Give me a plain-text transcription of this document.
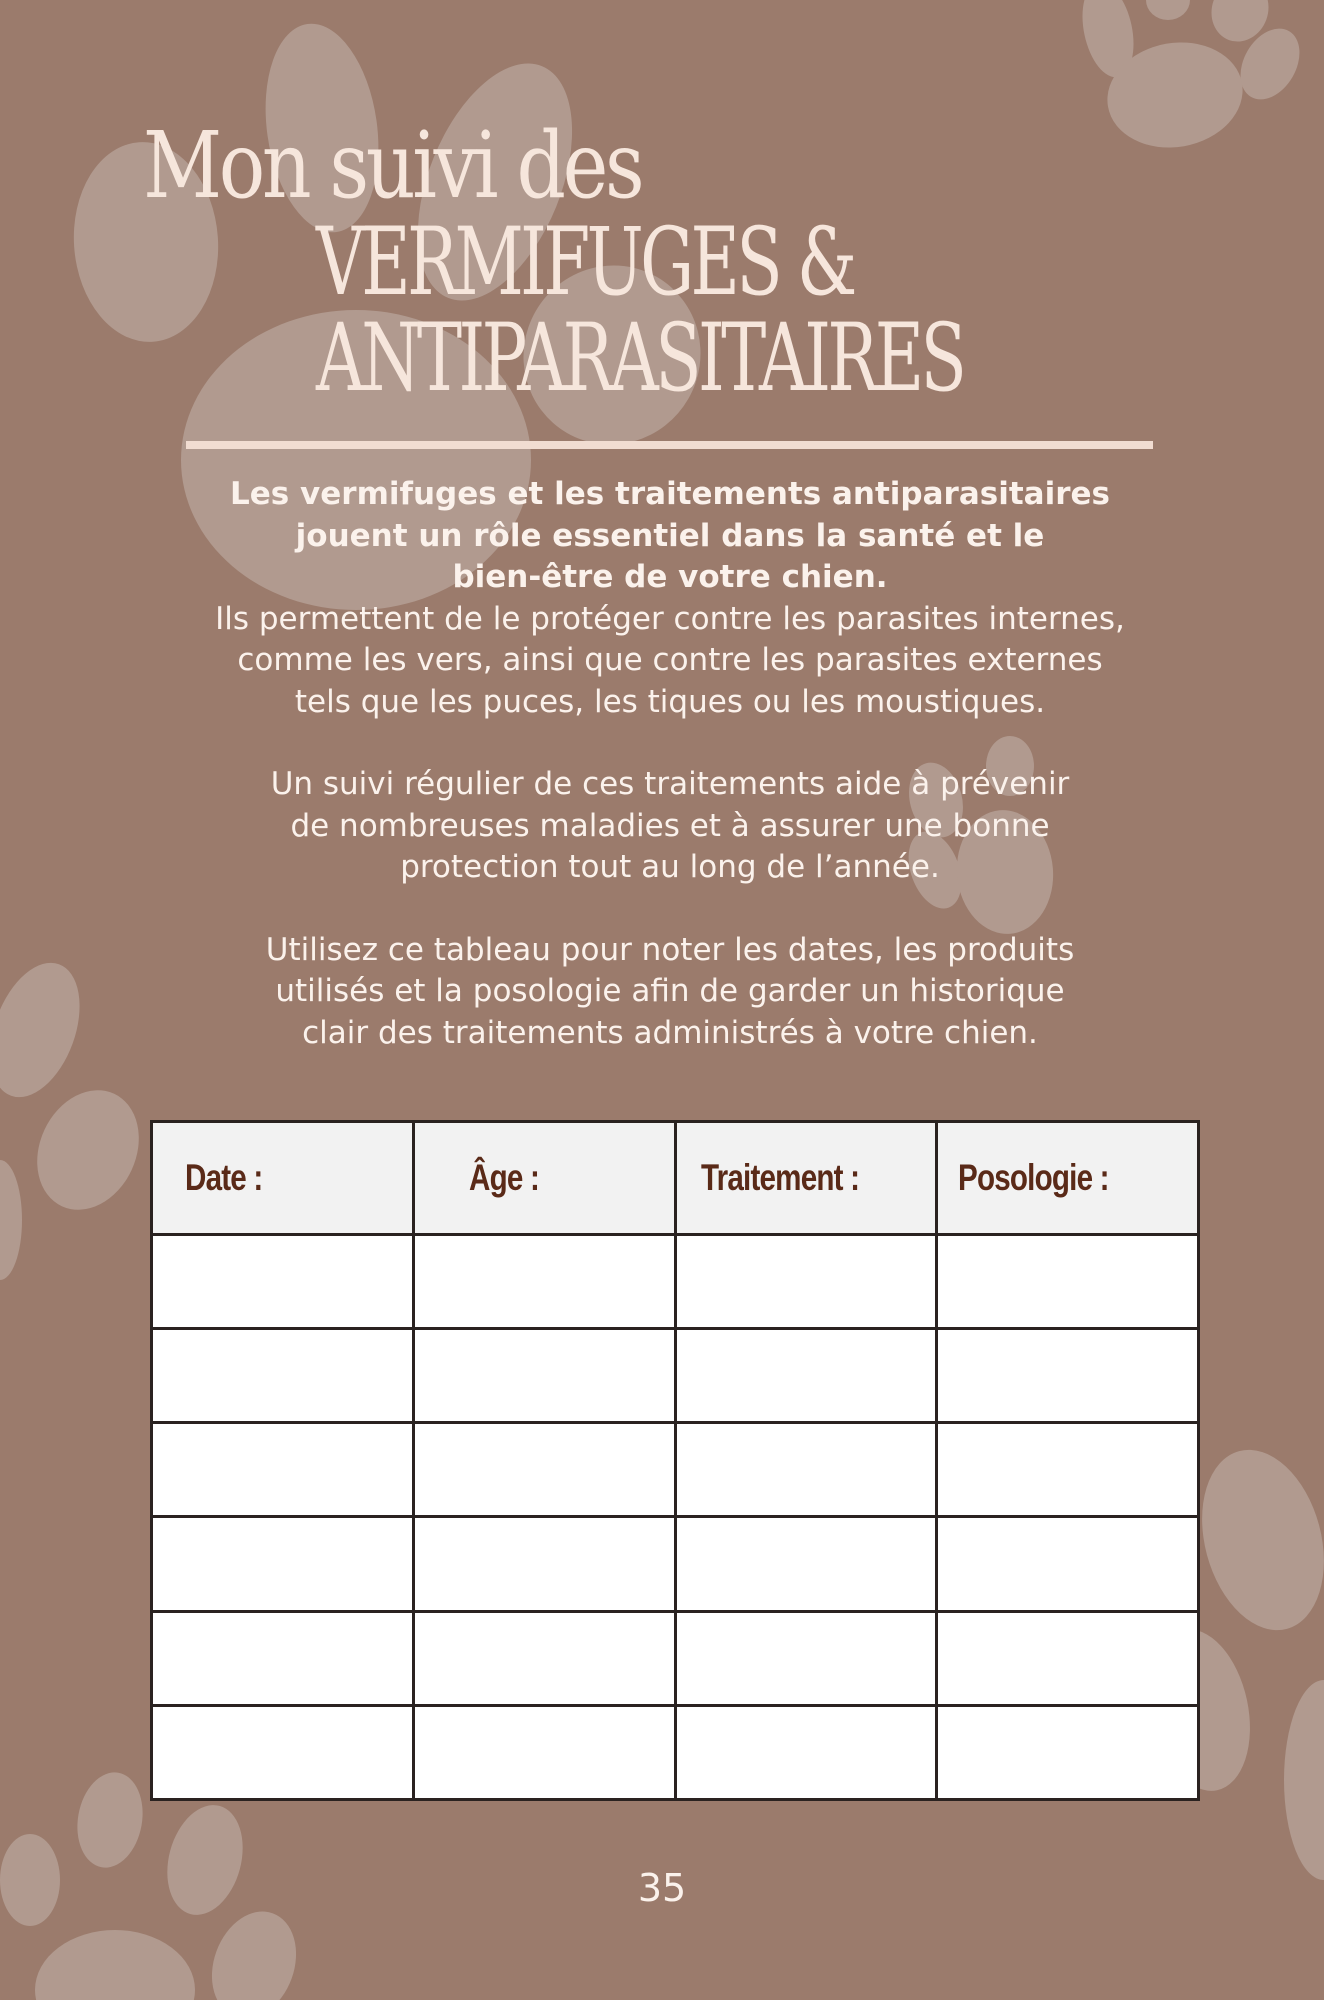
Mon suivi des
VERMIFUGES &
ANTIPARASITAIRES

Les vermifuges et les traitements antiparasitaires
jouent un rôle essentiel dans la santé et le
bien-être de votre chien.

Ils permettent de le protéger contre les parasites internes,
comme les vers, ainsi que contre les parasites externes
tels que les puces, les tiques ou les moustiques.

Un suivi régulier de ces traitements aide à prévenir
de nombreuses maladies et à assurer une bonne
protection tout au long de l’année.

Utilisez ce tableau pour noter les dates, les produits
utilisés et la posologie afin de garder un historique
clair des traitements administrés à votre chien.

Date :	Âge :	Traitement :	Posologie :

35
